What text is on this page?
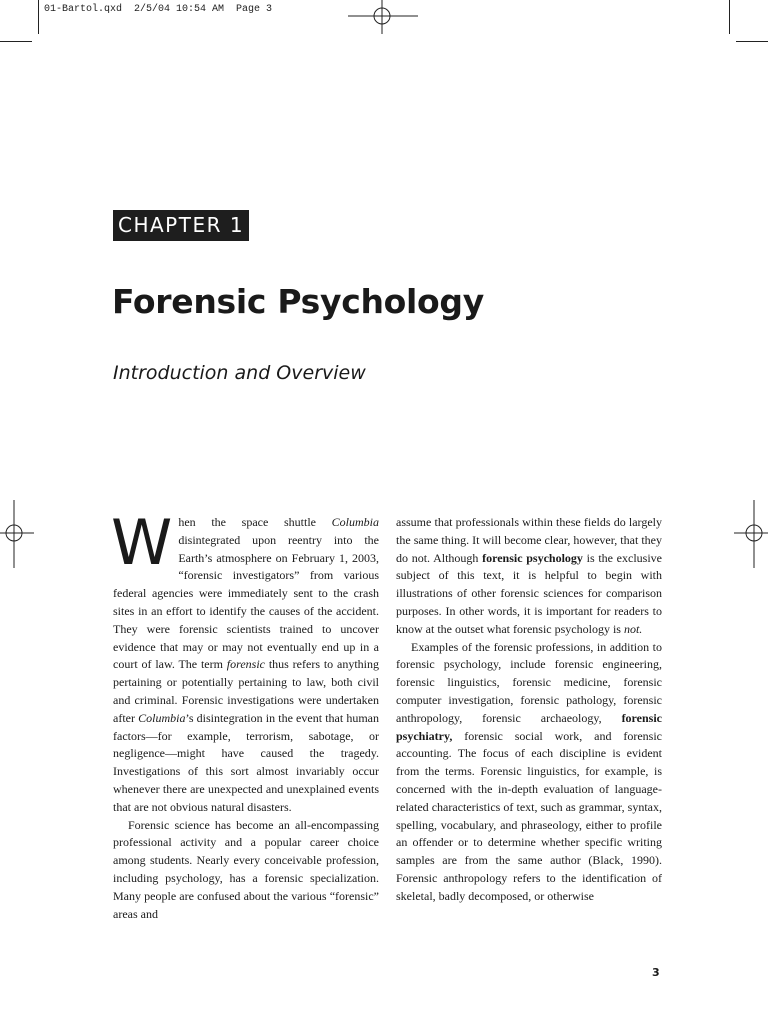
01-Bartol.qxd  2/5/04 10:54 AM  Page 3
CHAPTER 1
Forensic Psychology
Introduction and Overview

When the space shuttle Columbia disintegrated upon reentry into the Earth’s atmosphere on February 1, 2003, “forensic investigators” from various federal agencies were immediately sent to the crash sites in an effort to identify the causes of the accident. They were forensic scientists trained to uncover evidence that may or may not eventually end up in a court of law. The term forensic thus refers to anything pertaining or potentially pertaining to law, both civil and criminal. Forensic investigations were undertaken after Columbia’s disintegration in the event that human factors—for example, terrorism, sabotage, or negligence—might have caused the tragedy. Investigations of this sort almost invariably occur whenever there are unexpected and unexplained events that are not obvious natural disasters.

Forensic science has become an all-encompassing professional activity and a popular career choice among students. Nearly every conceivable profession, including psychology, has a forensic specialization. Many people are confused about the various “forensic” areas and

assume that professionals within these fields do largely the same thing. It will become clear, however, that they do not. Although forensic psychology is the exclusive subject of this text, it is helpful to begin with illustrations of other forensic sciences for comparison purposes. In other words, it is important for readers to know at the outset what forensic psychology is not.

Examples of the forensic professions, in addition to forensic psychology, include forensic engineering, forensic linguistics, forensic medicine, forensic computer investigation, forensic pathology, forensic anthropology, forensic archaeology, forensic psychiatry, forensic social work, and forensic accounting. The focus of each discipline is evident from the terms. Forensic linguistics, for example, is concerned with the in-depth evaluation of language-related characteristics of text, such as grammar, syntax, spelling, vocabulary, and phraseology, either to profile an offender or to determine whether specific writing samples are from the same author (Black, 1990). Forensic anthropology refers to the identification of skeletal, badly decomposed, or otherwise

3
